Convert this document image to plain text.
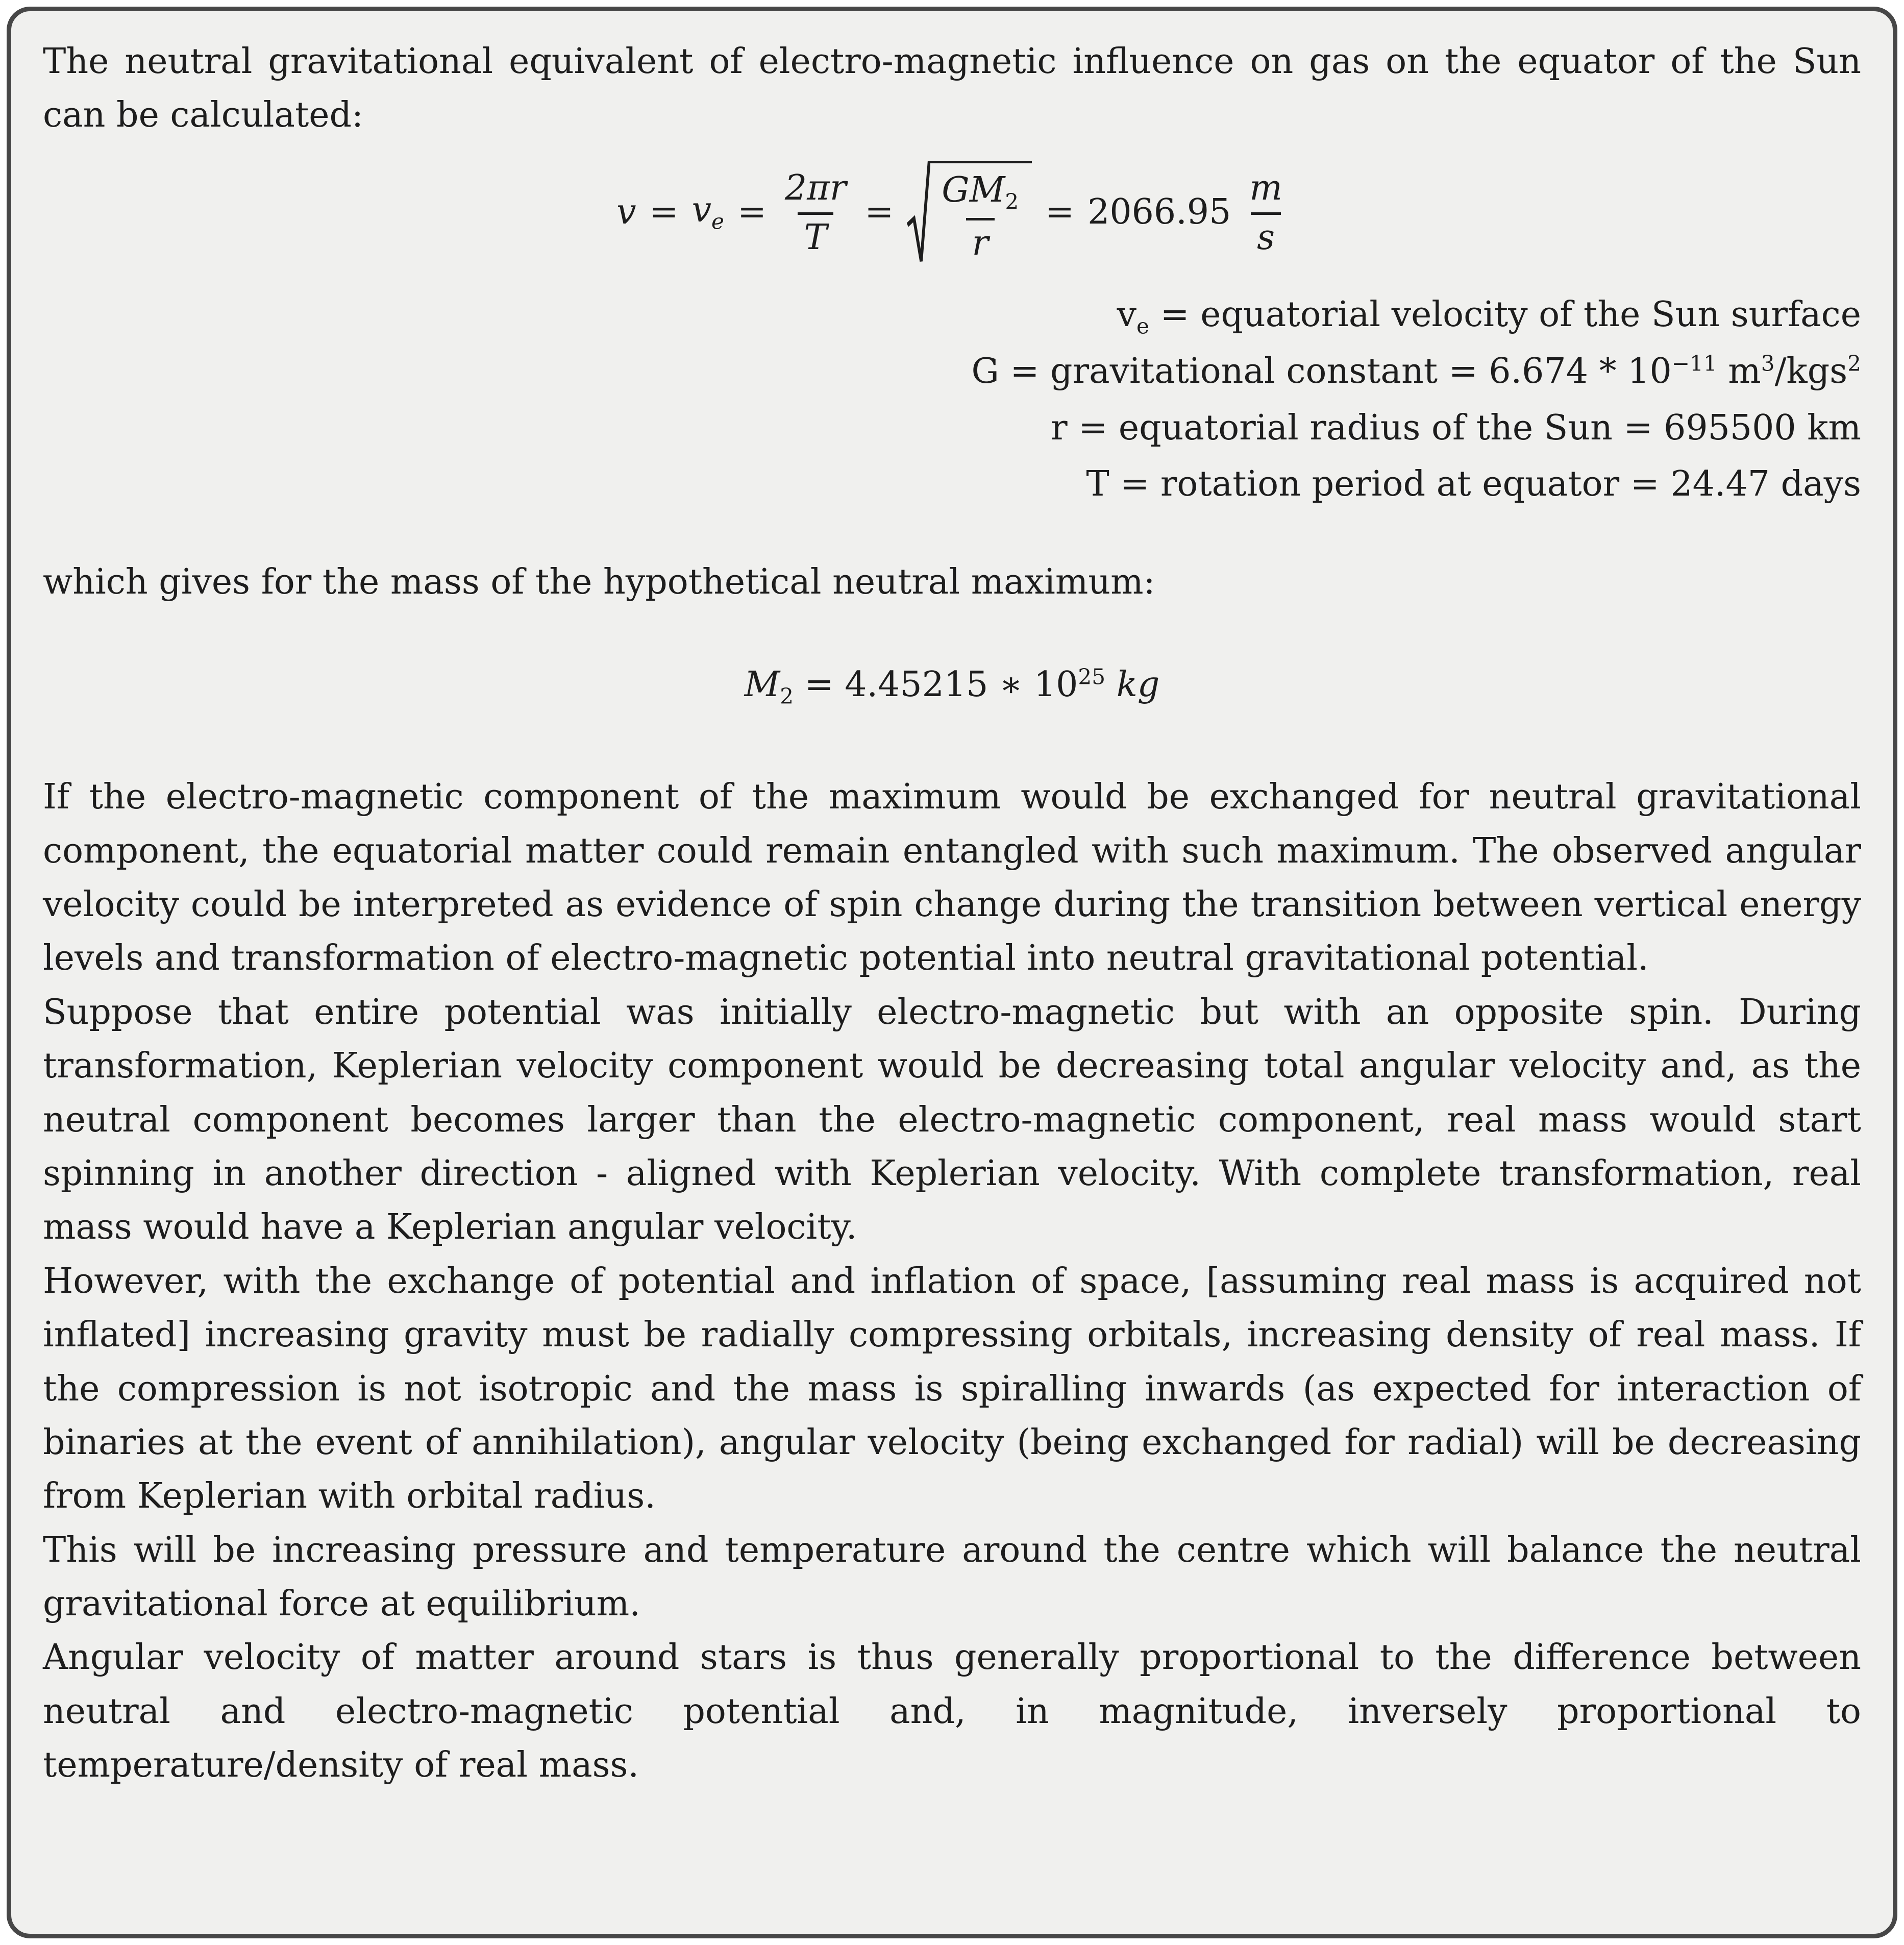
The neutral gravitational equivalent of electro-magnetic influence on gas on the equator of the Sun can be calculated:

$v = v_e = \frac{2\pi r}{T} = \frac{GM_2}{r} = 2066.95 \frac{m}{s}$
$v_e$ = equatorial velocity of the Sun surface
G = gravitational constant = $6.674 * 10^{-11}$ $m^3/kgs^2$
r = equatorial radius of the Sun = 695500 km
T = rotation period at equator = 24.47 days

which gives for the mass of the hypothetical neutral maximum:

$M_2 = 4.45215$ ∗ $10^{25}$ kg

If the electro-magnetic component of the maximum would be exchanged for neutral gravitational component, the equatorial matter could remain entangled with such maximum. The observed angular velocity could be interpreted as evidence of spin change during the transition between vertical energy levels and transformation of electro-magnetic potential into neutral gravitational potential.

Suppose that entire potential was initially electro-magnetic but with an opposite spin. During transformation, Keplerian velocity component would be decreasing total angular velocity and, as the neutral component becomes larger than the electro-magnetic component, real mass would start spinning in another direction - aligned with Keplerian velocity. With complete transformation, real mass would have a Keplerian angular velocity.

However, with the exchange of potential and inflation of space, [assuming real mass is acquired not inflated] increasing gravity must be radially compressing orbitals, increasing density of real mass. If the compression is not isotropic and the mass is spiralling inwards (as expected for interaction of binaries at the event of annihilation), angular velocity (being exchanged for radial) will be decreasing from Keplerian with orbital radius.

This will be increasing pressure and temperature around the centre which will balance the neutral gravitational force at equilibrium.

Angular velocity of matter around stars is thus generally proportional to the difference between neutral and electro-magnetic potential and, in magnitude, inversely proportional to temperature/density of real mass.
